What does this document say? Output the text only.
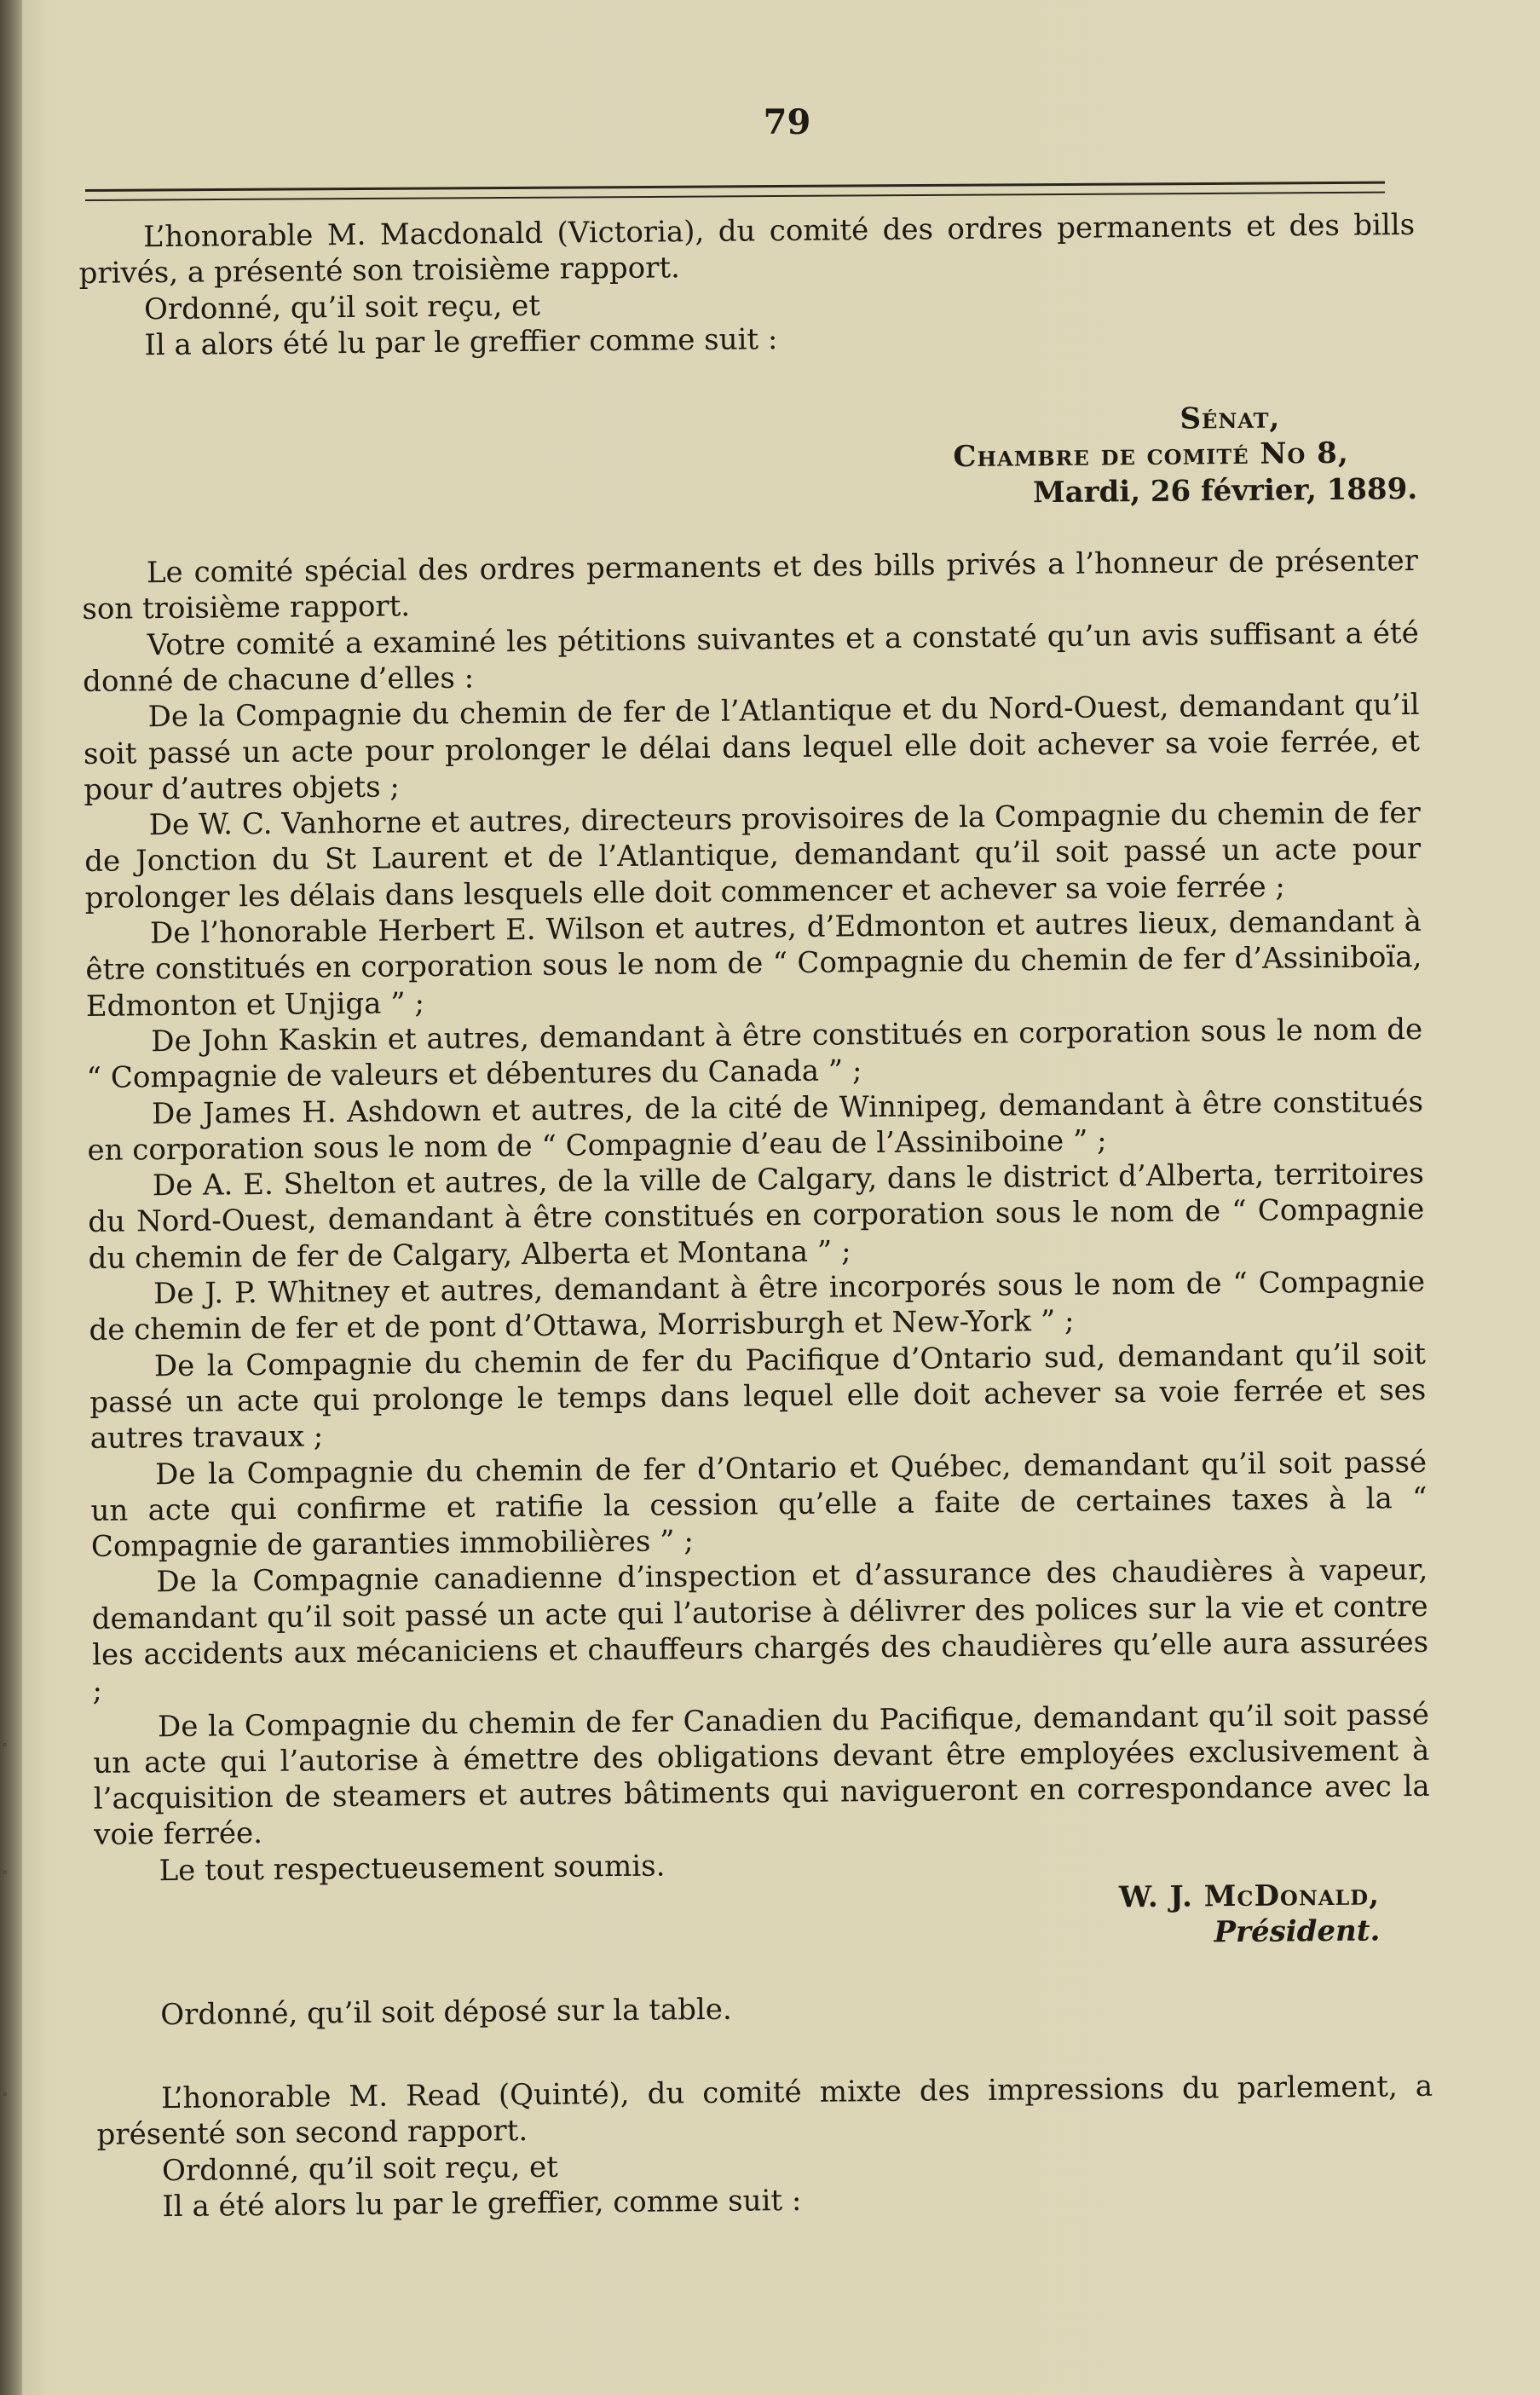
ﾟ
ﾟ
ﾟ
79

L’honorable M. Macdonald (Victoria), du comité des ordres permanents et des bills privés, a présenté son troisième rapport.

Ordonné, qu’il soit reçu, et

Il a alors été lu par le greffier comme suit :

Sénat,
Chambre de comité No 8,
Mardi, 26 février, 1889.

Le comité spécial des ordres permanents et des bills privés a l’honneur de présenter son troisième rapport.

Votre comité a examiné les pétitions suivantes et a constaté qu’un avis suffisant a été donné de chacune d’elles :

De la Compagnie du chemin de fer de l’Atlantique et du Nord-Ouest, demandant qu’il soit passé un acte pour prolonger le délai dans lequel elle doit achever sa voie ferrée, et pour d’autres objets ;

De W. C. Vanhorne et autres, directeurs provisoires de la Compagnie du chemin de fer de Jonction du St Laurent et de l’Atlantique, demandant qu’il soit passé un acte pour prolonger les délais dans lesquels elle doit commencer et achever sa voie ferrée ;

De l’honorable Herbert E. Wilson et autres, d’Edmonton et autres lieux, demandant à être constitués en corporation sous le nom de “ Compagnie du chemin de fer d’Assiniboïa, Edmonton et Unjiga ” ;

De John Kaskin et autres, demandant à être constitués en corporation sous le nom de “ Compagnie de valeurs et débentures du Canada ” ;

De James H. Ashdown et autres, de la cité de Winnipeg, demandant à être constitués en corporation sous le nom de “ Compagnie d’eau de l’Assiniboine ” ;

De A. E. Shelton et autres, de la ville de Calgary, dans le district d’Alberta, territoires du Nord-Ouest, demandant à être constitués en corporation sous le nom de “ Compagnie du chemin de fer de Calgary, Alberta et Montana ” ;

De J. P. Whitney et autres, demandant à être incorporés sous le nom de “ Compagnie de chemin de fer et de pont d’Ottawa, Morrisburgh et New-York ” ;

De la Compagnie du chemin de fer du Pacifique d’Ontario sud, demandant qu’il soit passé un acte qui prolonge le temps dans lequel elle doit achever sa voie ferrée et ses autres travaux ;

De la Compagnie du chemin de fer d’Ontario et Québec, demandant qu’il soit passé un acte qui confirme et ratifie la cession qu’elle a faite de certaines taxes à la “ Compagnie de garanties immobilières ” ;

De la Compagnie canadienne d’inspection et d’assurance des chaudières à vapeur, demandant qu’il soit passé un acte qui l’autorise à délivrer des polices sur la vie et contre les accidents aux mécaniciens et chauffeurs chargés des chaudières qu’elle aura assurées ;

De la Compagnie du chemin de fer Canadien du Pacifique, demandant qu’il soit passé un acte qui l’autorise à émettre des obligations devant être employées exclusivement à l’acquisition de steamers et autres bâtiments qui navigueront en correspondance avec la voie ferrée.

Le tout respectueusement soumis.

W. J. McDonald,
Président.

Ordonné, qu’il soit déposé sur la table.

L’honorable M. Read (Quinté), du comité mixte des impressions du parlement, a présenté son second rapport.

Ordonné, qu’il soit reçu, et

Il a été alors lu par le greffier, comme suit :
